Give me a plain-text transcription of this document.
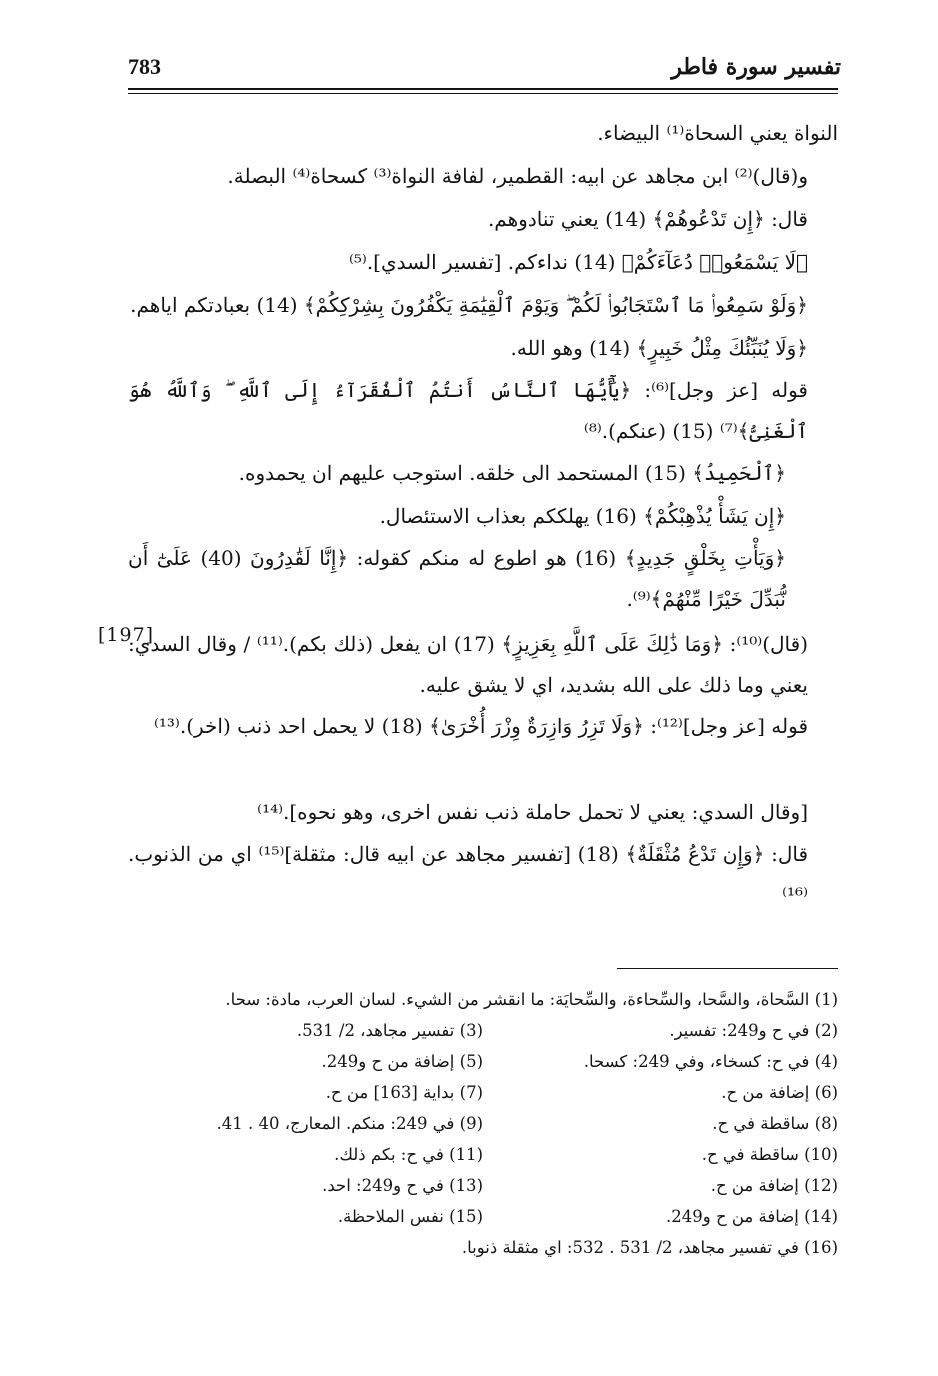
783	تفسير سورة فاطر

النواة يعني السحاة⁽¹⁾ البيضاء.

و(قال)⁽²⁾ ابن مجاهد عن ابيه: القطمير، لفافة النواة⁽³⁾ كسحاة⁽⁴⁾ البصلة.

قال: ﴿إِن تَدْعُوهُمْ﴾ (14) يعني تنادوهم.

﴿لَا يَسْمَعُوا۟ دُعَآءَكُمْ﴾ (14) نداءكم. [تفسير السدي].⁽⁵⁾

﴿وَلَوْ سَمِعُوا۟ مَا ٱسْتَجَابُوا۟ لَكُمْ ۖ وَيَوْمَ ٱلْقِيَٰمَةِ يَكْفُرُونَ بِشِرْكِكُمْ﴾ (14) بعبادتكم اياهم.

﴿وَلَا يُنَبِّئُكَ مِثْلُ خَبِيرٍ﴾ (14) وهو الله.

قوله [عز وجل]⁽⁶⁾: ﴿يَٰٓأَيُّهَا ٱلنَّاسُ أَنتُمُ ٱلْفُقَرَآءُ إِلَى ٱللَّهِ ۖ وَٱللَّهُ هُوَ ٱلْغَنِىُّ﴾⁽⁷⁾ (15) (عنكم).⁽⁸⁾

﴿ٱلْحَمِيدُ﴾ (15) المستحمد الى خلقه. استوجب عليهم ان يحمدوه.

﴿إِن يَشَأْ يُذْهِبْكُمْ﴾ (16) يهلككم بعذاب الاستئصال.

﴿وَيَأْتِ بِخَلْقٍ جَدِيدٍ﴾ (16) هو اطوع له منكم كقوله: ﴿إِنَّا لَقَٰدِرُونَ (40) عَلَىٰٓ أَن نُّبَدِّلَ خَيْرًا مِّنْهُمْ﴾⁽⁹⁾.

(قال)⁽¹⁰⁾: ﴿وَمَا ذَٰلِكَ عَلَى ٱللَّهِ بِعَزِيزٍ﴾ (17) ان يفعل (ذلك بكم).⁽¹¹⁾ / وقال السدي: يعني وما ذلك على الله بشديد، اي لا يشق عليه.

[197]

قوله [عز وجل]⁽¹²⁾: ﴿وَلَا تَزِرُ وَازِرَةٌ وِزْرَ أُخْرَىٰ﴾ (18) لا يحمل احد ذنب (اخر).⁽¹³⁾

[وقال السدي: يعني لا تحمل حاملة ذنب نفس اخرى، وهو نحوه].⁽¹⁴⁾

قال: ﴿وَإِن تَدْعُ مُثْقَلَةٌ﴾ (18) [تفسير مجاهد عن ابيه قال: مثقلة]⁽¹⁵⁾ اي من الذنوب.⁽¹⁶⁾

(1) السَّحاة، والسَّحا، والسِّحاءة، والسِّحايَة: ما انقشر من الشيء. لسان العرب، مادة: سحا.
(2) في ح و249: تفسير.
(3) تفسير مجاهد، 2/ 531.
(4) في ح: كسخاء، وفي 249: كسحا.
(5) إضافة من ح و249.
(6) إضافة من ح.
(7) بداية [163] من ح.
(8) ساقطة في ح.
(9) في 249: منكم. المعارج، 40 . 41.
(10) ساقطة في ح.
(11) في ح: بكم ذلك.
(12) إضافة من ح.
(13) في ح و249: احد.
(14) إضافة من ح و249.
(15) نفس الملاحظة.
(16) في تفسير مجاهد، 2/ 531 . 532: اي مثقلة ذنوبا.
